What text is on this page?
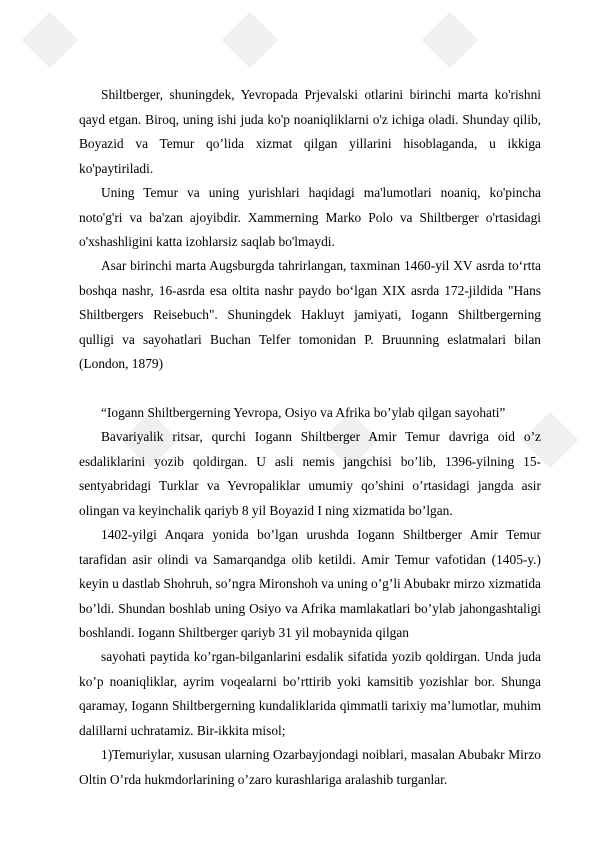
Shiltberger, shuningdek, Yevropada Prjevalski otlarini birinchi marta ko'rishni qayd etgan. Biroq, uning ishi juda ko'p noaniqliklarni o'z ichiga oladi. Shunday qilib, Boyazid va Temur qo’lida xizmat qilgan yillarini hisoblaganda, u ikkiga ko'paytiriladi.

Uning Temur va uning yurishlari haqidagi ma'lumotlari noaniq, ko'pincha noto'g'ri va ba'zan ajoyibdir. Xammerning Marko Polo va Shiltberger o'rtasidagi o'xshashligini katta izohlarsiz saqlab bo'lmaydi.

Asar birinchi marta Augsburgda tahrirlangan, taxminan 1460-yil XV asrda to‘rtta boshqa nashr, 16-asrda esa oltita nashr paydo bo‘lgan XIX asrda 172-jildida "Hans Shiltbergers Reisebuch". Shuningdek Hakluyt jamiyati, Iogann Shiltbergerning qulligi va sayohatlari Buchan Telfer tomonidan P. Bruunning eslatmalari bilan (London, 1879)

“Iogann Shiltbergerning Yevropa, Osiyo va Afrika bo’ylab qilgan sayohati”

Bavariyalik ritsar, qurchi Iogann Shiltberger Amir Temur davriga oid o’z esdaliklarini yozib qoldirgan. U asli nemis jangchisi bo’lib, 1396-yilning 15-sentyabridagi Turklar va Yevropaliklar umumiy qo’shini o’rtasidagi jangda asir olingan va keyinchalik qariyb 8 yil Boyazid I ning xizmatida bo’lgan.

1402-yilgi Anqara yonida bo’lgan urushda Iogann Shiltberger Amir Temur tarafidan asir olindi va Samarqandga olib ketildi. Amir Temur vafotidan (1405-y.) keyin u dastlab Shohruh, so’ngra Mironshoh va uning o’g’li Abubakr mirzo xizmatida bo’ldi. Shundan boshlab uning Osiyo va Afrika mamlakatlari bo’ylab jahongashtaligi boshlandi. Iogann Shiltberger qariyb 31 yil mobaynida qilgan

sayohati paytida ko’rgan-bilganlarini esdalik sifatida yozib qoldirgan. Unda juda ko’p noaniqliklar, ayrim voqealarni bo’rttirib yoki kamsitib yozishlar bor. Shunga qaramay, Iogann Shiltbergerning kundaliklarida qimmatli tarixiy ma’lumotlar, muhim dalillarni uchratamiz. Bir-ikkita misol;

1)Temuriylar, xususan ularning Ozarbayjondagi noiblari, masalan Abubakr Mirzo Oltin O’rda hukmdorlarining o’zaro kurashlariga aralashib turganlar.
